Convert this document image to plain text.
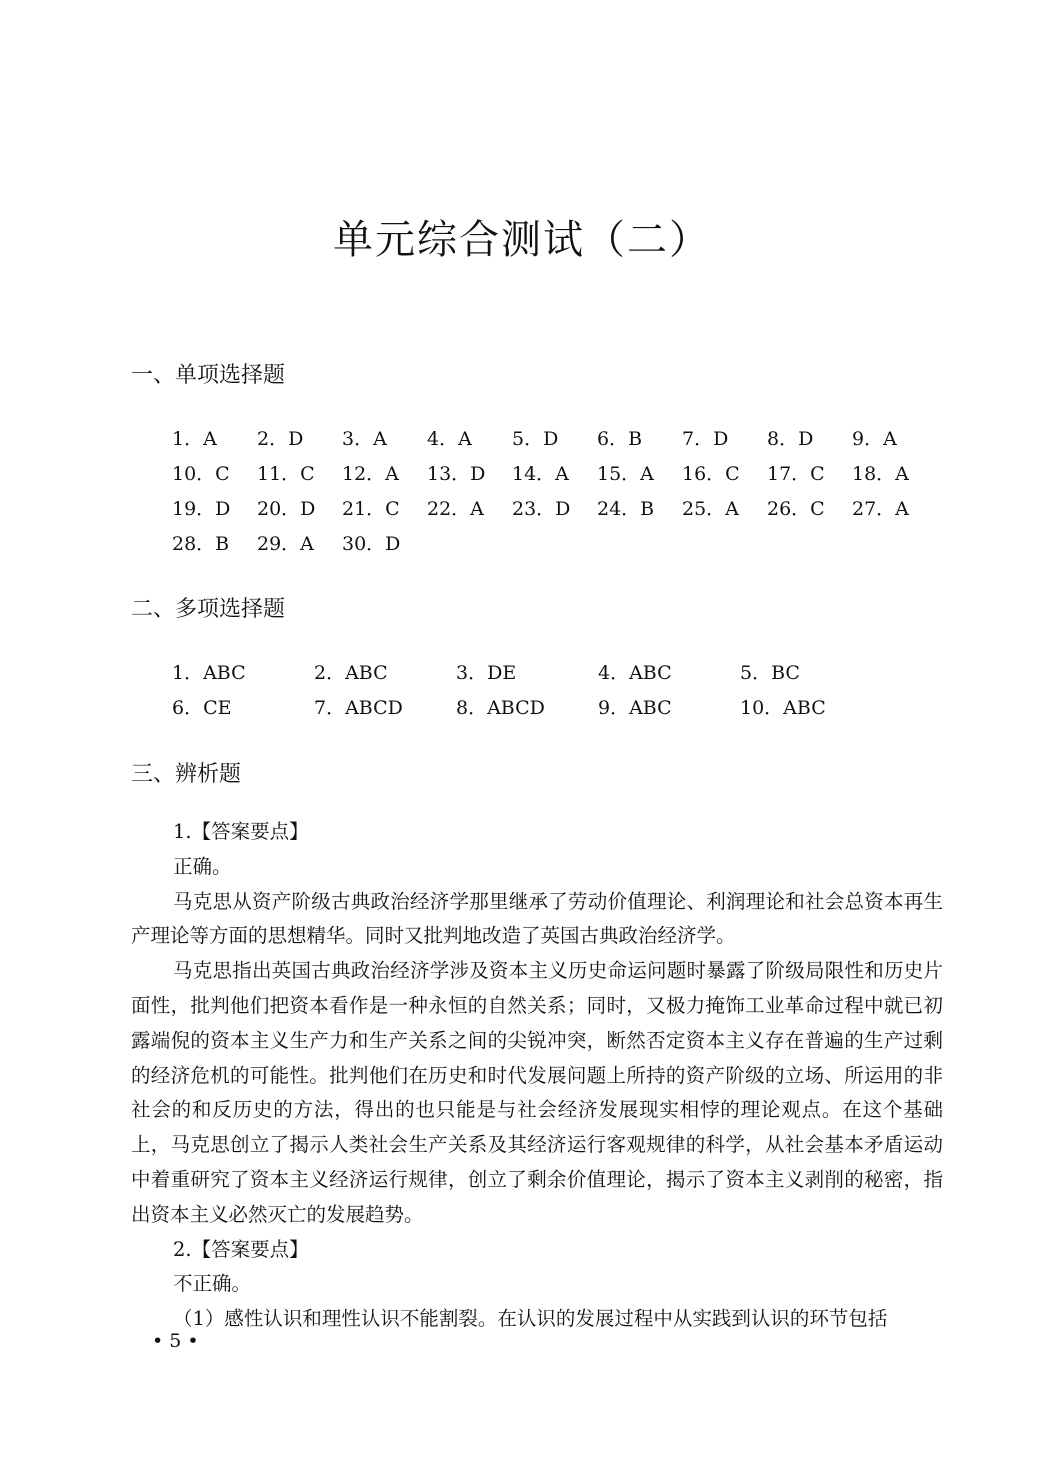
单元综合测试（二）
一、单项选择题
1．A	2．D	3．A	4．A	5．D	6．B	7．D	8．D	9．A
10．C	11．C	12．A	13．D	14．A	15．A	16．C	17．C	18．A
19．D	20．D	21．C	22．A	23．D	24．B	25．A	26．C	27．A
28．B	29．A	30．D
二、多项选择题
1．ABC	2．ABC	3．DE	4．ABC	5．BC
6．CE	7．ABCD	8．ABCD	9．ABC	10．ABC
三、辨析题

1.【答案要点】

正确。

马克思从资产阶级古典政治经济学那里继承了劳动价值理论、利润理论和社会总资本再生产理论等方面的思想精华。同时又批判地改造了英国古典政治经济学。

马克思指出英国古典政治经济学涉及资本主义历史命运问题时暴露了阶级局限性和历史片面性，批判他们把资本看作是一种永恒的自然关系；同时，又极力掩饰工业革命过程中就已初露端倪的资本主义生产力和生产关系之间的尖锐冲突，断然否定资本主义存在普遍的生产过剩的经济危机的可能性。批判他们在历史和时代发展问题上所持的资产阶级的立场、所运用的非社会的和反历史的方法，得出的也只能是与社会经济发展现实相悖的理论观点。在这个基础上，马克思创立了揭示人类社会生产关系及其经济运行客观规律的科学，从社会基本矛盾运动中着重研究了资本主义经济运行规律，创立了剩余价值理论，揭示了资本主义剥削的秘密，指出资本主义必然灭亡的发展趋势。

2.【答案要点】

不正确。

（1）感性认识和理性认识不能割裂。在认识的发展过程中从实践到认识的环节包括

• 5 •
